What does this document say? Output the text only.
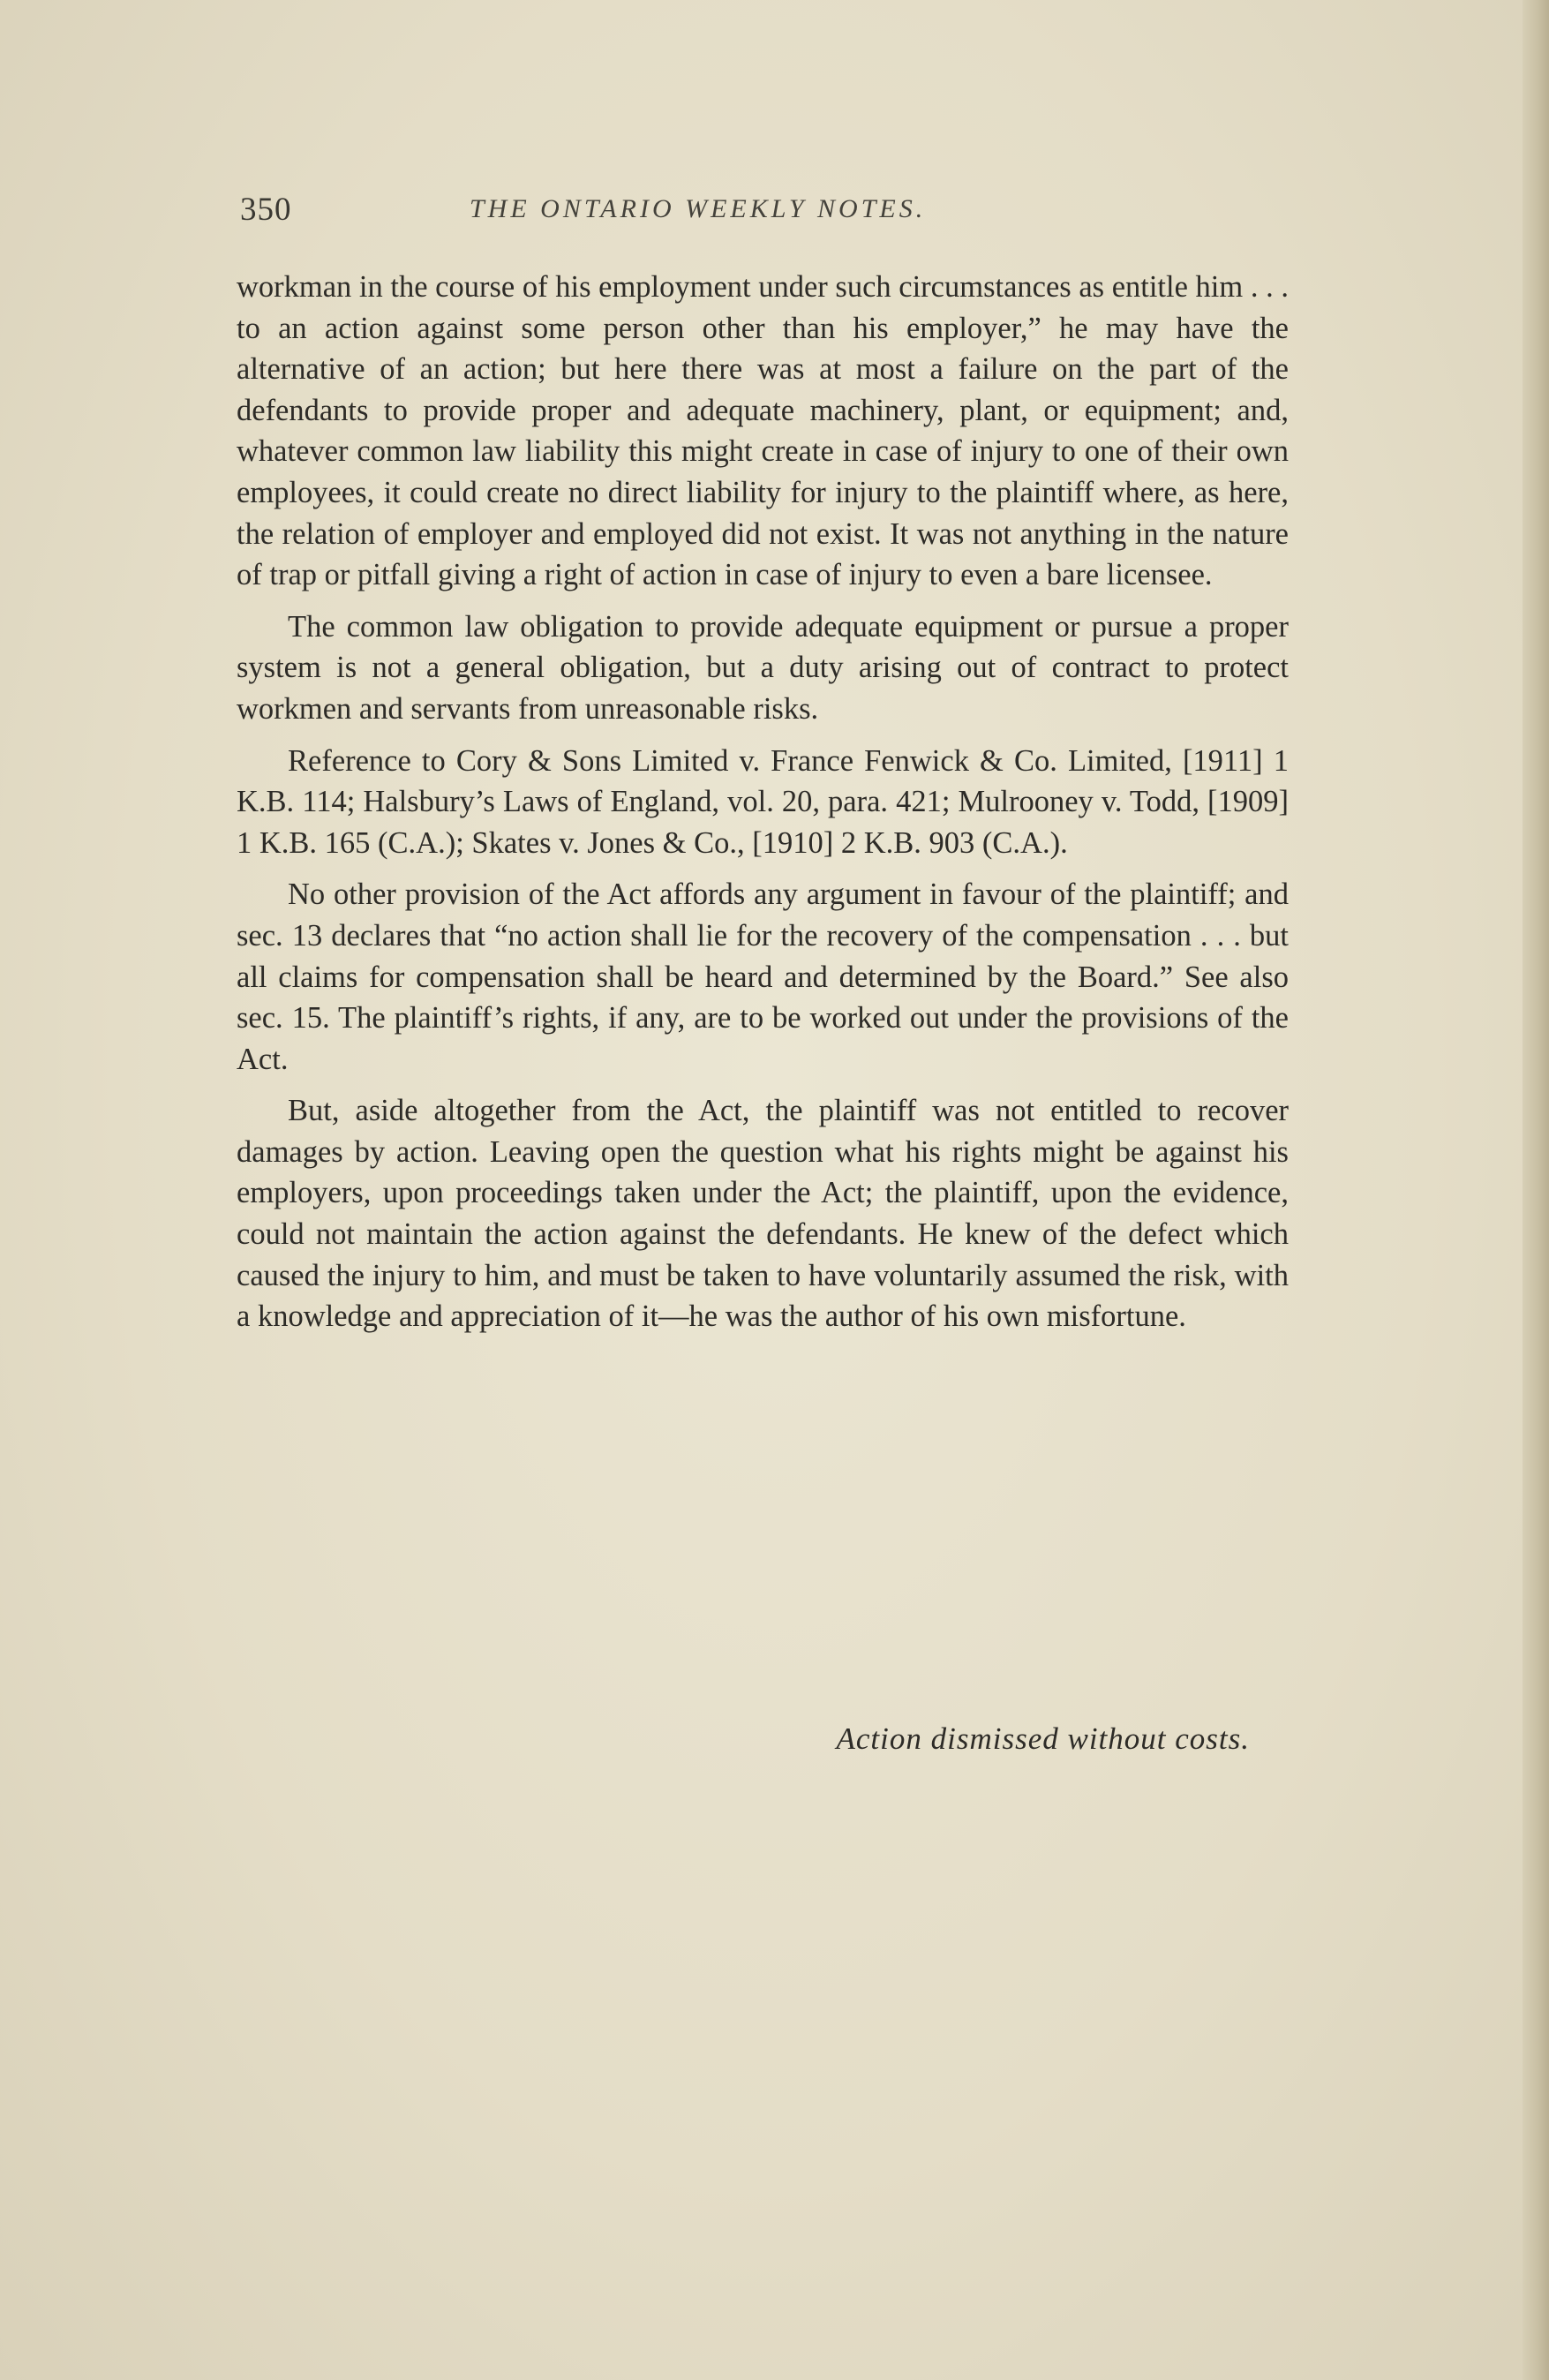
350	THE ONTARIO WEEKLY NOTES.

workman in the course of his employment under such circumstances as entitle him . . . to an action against some person other than his employer,” he may have the alternative of an action; but here there was at most a failure on the part of the defendants to provide proper and adequate machinery, plant, or equipment; and, whatever common law liability this might create in case of injury to one of their own employees, it could create no direct liability for injury to the plaintiff where, as here, the relation of employer and employed did not exist. It was not anything in the nature of trap or pitfall giving a right of action in case of injury to even a bare licensee.

The common law obligation to provide adequate equipment or pursue a proper system is not a general obligation, but a duty arising out of contract to protect workmen and servants from unreasonable risks.

Reference to Cory & Sons Limited v. France Fenwick & Co. Limited, [1911] 1 K.B. 114; Halsbury’s Laws of England, vol. 20, para. 421; Mulrooney v. Todd, [1909] 1 K.B. 165 (C.A.); Skates v. Jones & Co., [1910] 2 K.B. 903 (C.A.).

No other provision of the Act affords any argument in favour of the plaintiff; and sec. 13 declares that “no action shall lie for the recovery of the compensation . . . but all claims for compensation shall be heard and determined by the Board.” See also sec. 15. The plaintiff’s rights, if any, are to be worked out under the provisions of the Act.

But, aside altogether from the Act, the plaintiff was not entitled to recover damages by action. Leaving open the question what his rights might be against his employers, upon proceedings taken under the Act; the plaintiff, upon the evidence, could not maintain the action against the defendants. He knew of the defect which caused the injury to him, and must be taken to have voluntarily assumed the risk, with a knowledge and appreciation of it—he was the author of his own misfortune.

Action dismissed without costs.
